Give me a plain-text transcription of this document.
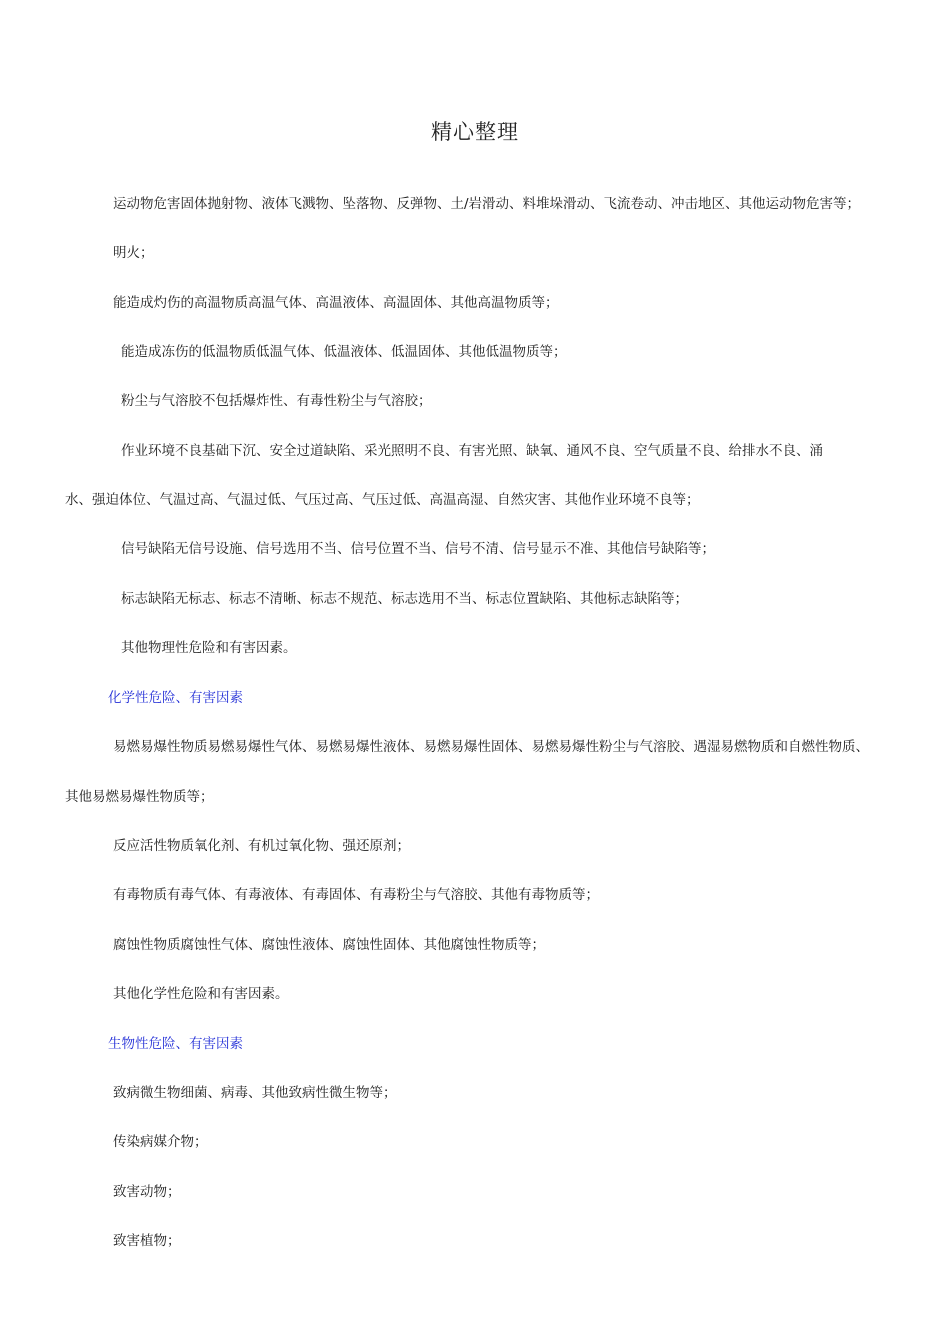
精心整理
运动物危害固体抛射物、液体飞溅物、坠落物、反弹物、土/岩滑动、料堆垛滑动、飞流卷动、冲击地区、其他运动物危害等；
明火；
能造成灼伤的高温物质高温气体、高温液体、高温固体、其他高温物质等；
能造成冻伤的低温物质低温气体、低温液体、低温固体、其他低温物质等；
粉尘与气溶胶不包括爆炸性、有毒性粉尘与气溶胶；
作业环境不良基础下沉、安全过道缺陷、采光照明不良、有害光照、缺氧、通风不良、空气质量不良、给排水不良、涌
水、强迫体位、气温过高、气温过低、气压过高、气压过低、高温高湿、自然灾害、其他作业环境不良等；
信号缺陷无信号设施、信号选用不当、信号位置不当、信号不清、信号显示不准、其他信号缺陷等；
标志缺陷无标志、标志不清晰、标志不规范、标志选用不当、标志位置缺陷、其他标志缺陷等；
其他物理性危险和有害因素。
化学性危险、有害因素
易燃易爆性物质易燃易爆性气体、易燃易爆性液体、易燃易爆性固体、易燃易爆性粉尘与气溶胶、遇湿易燃物质和自燃性物质、
其他易燃易爆性物质等；
反应活性物质氧化剂、有机过氧化物、强还原剂；
有毒物质有毒气体、有毒液体、有毒固体、有毒粉尘与气溶胶、其他有毒物质等；
腐蚀性物质腐蚀性气体、腐蚀性液体、腐蚀性固体、其他腐蚀性物质等；
其他化学性危险和有害因素。
生物性危险、有害因素
致病微生物细菌、病毒、其他致病性微生物等；
传染病媒介物；
致害动物；
致害植物；
